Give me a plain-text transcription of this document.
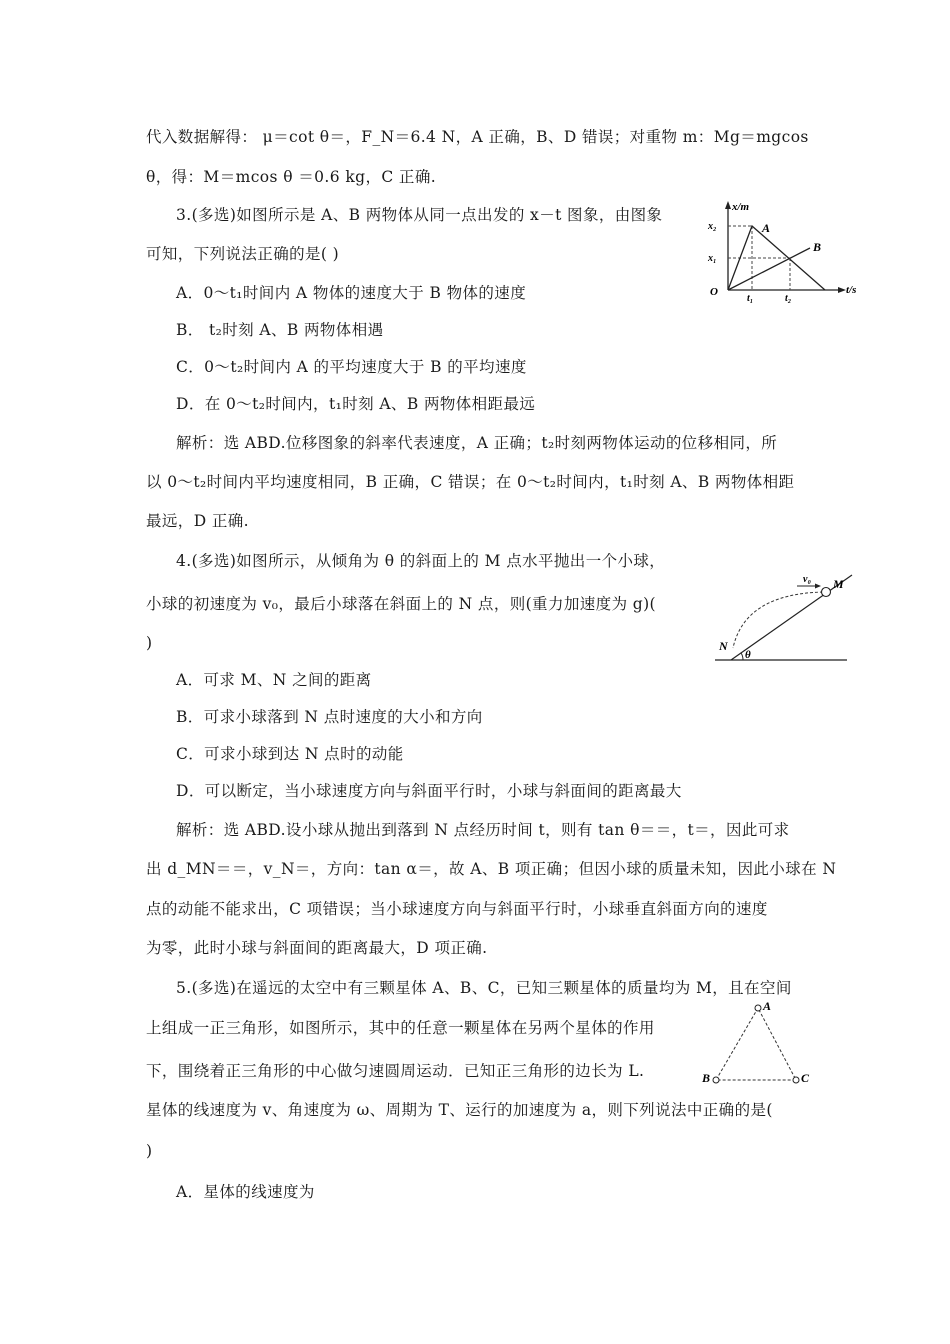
代入数据解得： μ＝cot θ＝，F_N＝6.4 N，A 正确，B、D 错误；对重物 m：Mg＝mgcos
θ，得：M＝mcos θ ＝0.6 kg，C 正确.
3.(多选)如图所示是 A、B 两物体从同一点出发的 x－t 图象，由图象
可知，下列说法正确的是( )
A．0～t₁时间内 A 物体的速度大于 B 物体的速度
B． t₂时刻 A、B 两物体相遇
C．0～t₂时间内 A 的平均速度大于 B 的平均速度
D．在 0～t₂时间内，t₁时刻 A、B 两物体相距最远
解析：选 ABD.位移图象的斜率代表速度，A 正确；t₂时刻两物体运动的位移相同，所
以 0～t₂时间内平均速度相同，B 正确，C 错误；在 0～t₂时间内，t₁时刻 A、B 两物体相距
最远，D 正确.
4.(多选)如图所示，从倾角为 θ 的斜面上的 M 点水平抛出一个小球，
小球的初速度为 v₀，最后小球落在斜面上的 N 点，则(重力加速度为 g)(
)
A．可求 M、N 之间的距离
B．可求小球落到 N 点时速度的大小和方向
C．可求小球到达 N 点时的动能
D．可以断定，当小球速度方向与斜面平行时，小球与斜面间的距离最大
解析：选 ABD.设小球从抛出到落到 N 点经历时间 t，则有 tan θ＝＝，t＝，因此可求
出 d_MN＝＝，v_N＝，方向：tan α＝，故 A、B 项正确；但因小球的质量未知，因此小球在 N
点的动能不能求出，C 项错误；当小球速度方向与斜面平行时，小球垂直斜面方向的速度
为零，此时小球与斜面间的距离最大，D 项正确.
5.(多选)在遥远的太空中有三颗星体 A、B、C，已知三颗星体的质量均为 M，且在空间
上组成一正三角形，如图所示，其中的任意一颗星体在另两个星体的作用
下，围绕着正三角形的中心做匀速圆周运动．已知正三角形的边长为 L.
星体的线速度为 v、角速度为 ω、周期为 T、运行的加速度为 a，则下列说法中正确的是(
)
A．星体的线速度为
x/m
t/s
x₂
x₁
O
t₁	t₂
A
B
v₀ M
N
θ
A
B	C
